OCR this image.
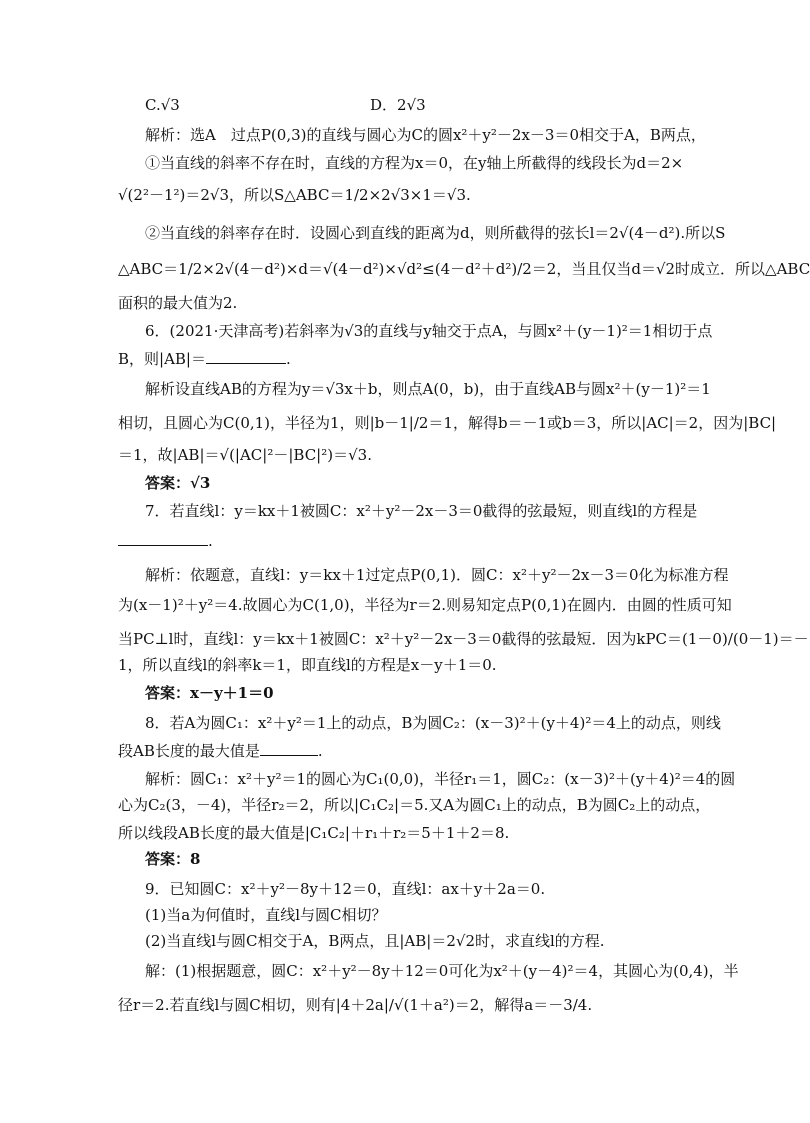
C.√3	D．2√3
解析：选A　过点P(0,3)的直线与圆心为C的圆x²＋y²－2x－3＝0相交于A，B两点，
①当直线的斜率不存在时，直线的方程为x＝0，在y轴上所截得的线段长为d＝2×
√(2²－1²)＝2√3，所以S△ABC＝1/2×2√3×1＝√3.
②当直线的斜率存在时．设圆心到直线的距离为d，则所截得的弦长l＝2√(4－d²).所以S
△ABC＝1/2×2√(4－d²)×d＝√(4－d²)×√d²≤(4－d²＋d²)/2＝2，当且仅当d＝√2时成立．所以△ABC
面积的最大值为2.
6．(2021·天津高考)若斜率为√3的直线与y轴交于点A，与圆x²＋(y－1)²＝1相切于点
B，则|AB|＝	.
解析设直线AB的方程为y＝√3x＋b，则点A(0，b)，由于直线AB与圆x²＋(y－1)²＝1
相切，且圆心为C(0,1)，半径为1，则|b－1|/2＝1，解得b＝－1或b＝3，所以|AC|＝2，因为|BC|
＝1，故|AB|＝√(|AC|²－|BC|²)＝√3.
答案：√3
7．若直线l：y＝kx＋1被圆C：x²＋y²－2x－3＝0截得的弦最短，则直线l的方程是
.
解析：依题意，直线l：y＝kx＋1过定点P(0,1)．圆C：x²＋y²－2x－3＝0化为标准方程
为(x－1)²＋y²＝4.故圆心为C(1,0)，半径为r＝2.则易知定点P(0,1)在圆内．由圆的性质可知
当PC⊥l时，直线l：y＝kx＋1被圆C：x²＋y²－2x－3＝0截得的弦最短．因为kPC＝(1－0)/(0－1)＝－
1，所以直线l的斜率k＝1，即直线l的方程是x－y＋1＝0.
答案：x－y＋1＝0
8．若A为圆C₁：x²＋y²＝1上的动点，B为圆C₂：(x－3)²＋(y＋4)²＝4上的动点，则线
段AB长度的最大值是	.
解析：圆C₁：x²＋y²＝1的圆心为C₁(0,0)，半径r₁＝1，圆C₂：(x－3)²＋(y＋4)²＝4的圆
心为C₂(3，－4)，半径r₂＝2，所以|C₁C₂|＝5.又A为圆C₁上的动点，B为圆C₂上的动点，
所以线段AB长度的最大值是|C₁C₂|＋r₁＋r₂＝5＋1＋2＝8.
答案：8
9．已知圆C：x²＋y²－8y＋12＝0，直线l：ax＋y＋2a＝0.
(1)当a为何值时，直线l与圆C相切？
(2)当直线l与圆C相交于A，B两点，且|AB|＝2√2时，求直线l的方程.
解：(1)根据题意，圆C：x²＋y²－8y＋12＝0可化为x²＋(y－4)²＝4，其圆心为(0,4)，半
径r＝2.若直线l与圆C相切，则有|4＋2a|/√(1＋a²)＝2，解得a＝－3/4.
